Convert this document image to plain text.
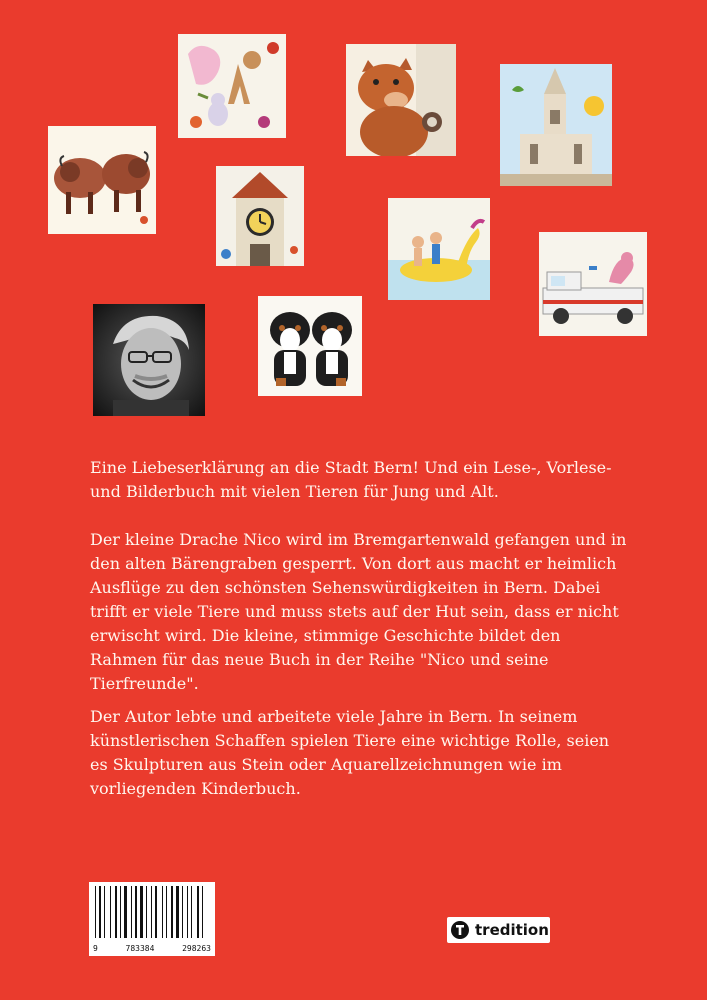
Eine Liebeserklärung an die Stadt Bern! Und ein Lese-, Vorlese- und Bilderbuch mit vielen Tieren für Jung und Alt.

Der kleine Drache Nico wird im Bremgartenwald gefangen und in den alten Bärengraben gesperrt. Von dort aus macht er heimlich Ausflüge zu den schönsten Sehenswürdigkeiten in Bern. Dabei trifft er viele Tiere und muss stets auf der Hut sein, dass er nicht erwischt wird. Die kleine, stimmige Geschichte bildet den Rahmen für das neue Buch in der Reihe "Nico und seine Tierfreunde".

Der Autor lebte und arbeitete viele Jahre in Bern. In seinem künstlerischen Schaffen spielen Tiere eine wichtige Rolle, seien es Skulpturen aus Stein oder Aquarellzeichnungen wie im vorliegenden Kinderbuch.

9	783384	298263
tredition
